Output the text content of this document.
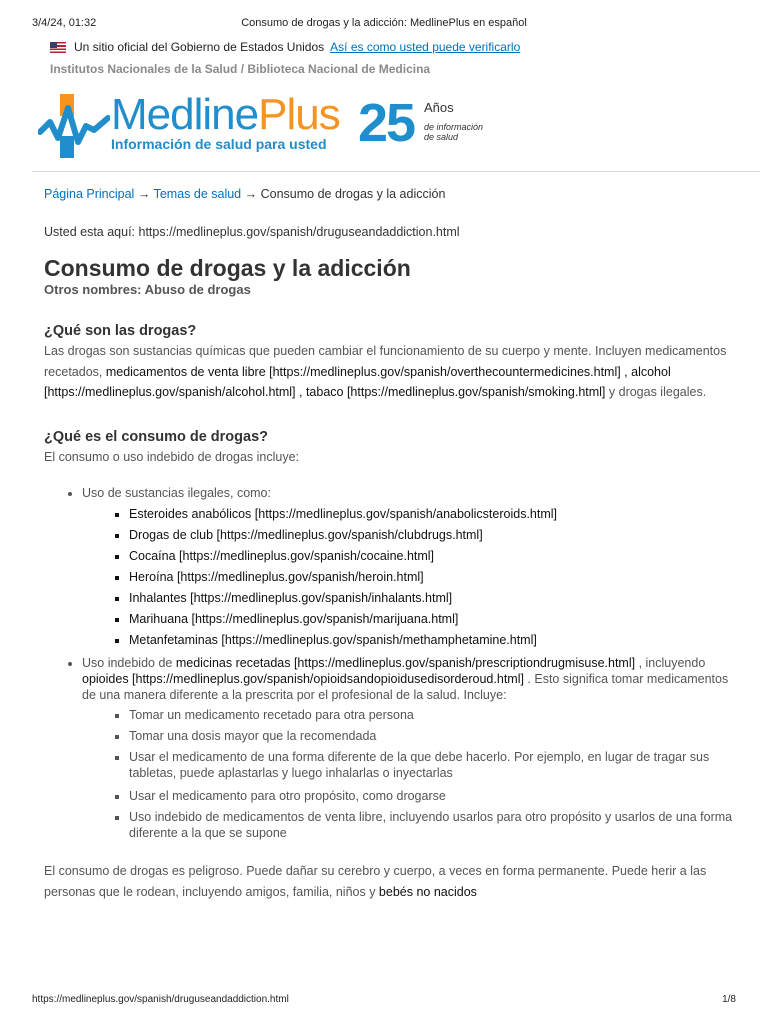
3/4/24, 01:32	Consumo de drogas y la adicción: MedlinePlus en español
Un sitio oficial del Gobierno de Estados Unidos Así es como usted puede verificarlo
Institutos Nacionales de la Salud / Biblioteca Nacional de Medicina
MedlinePlus
Información de salud para usted 25 Años
de información de salud
Página Principal → Temas de salud → Consumo de drogas y la adicción
Usted esta aquí: https://medlineplus.gov/spanish/druguseandaddiction.html
Consumo de drogas y la adicción
Otros nombres: Abuso de drogas
¿Qué son las drogas?

Las drogas son sustancias químicas que pueden cambiar el funcionamiento de su cuerpo y mente. Incluyen medicamentos recetados, medicamentos de venta libre [https://medlineplus.gov/spanish/overthecountermedicines.html] , alcohol [https://medlineplus.gov/spanish/alcohol.html] , tabaco [https://medlineplus.gov/spanish/smoking.html] y drogas ilegales.

¿Qué es el consumo de drogas?

El consumo o uso indebido de drogas incluye:

• Uso de sustancias ilegales, como:
▪ Esteroides anabólicos [https://medlineplus.gov/spanish/anabolicsteroids.html]
▪ Drogas de club [https://medlineplus.gov/spanish/clubdrugs.html]
▪ Cocaína [https://medlineplus.gov/spanish/cocaine.html]
▪ Heroína [https://medlineplus.gov/spanish/heroin.html]
▪ Inhalantes [https://medlineplus.gov/spanish/inhalants.html]
▪ Marihuana [https://medlineplus.gov/spanish/marijuana.html]
▪ Metanfetaminas [https://medlineplus.gov/spanish/methamphetamine.html]
• Uso indebido de medicinas recetadas [https://medlineplus.gov/spanish/prescriptiondrugmisuse.html] , incluyendo opioides [https://medlineplus.gov/spanish/opioidsandopioidusedisorderoud.html] . Esto significa tomar medicamentos de una manera diferente a la prescrita por el profesional de la salud. Incluye:
▪ Tomar un medicamento recetado para otra persona
▪ Tomar una dosis mayor que la recomendada
▪ Usar el medicamento de una forma diferente de la que debe hacerlo. Por ejemplo, en lugar de tragar sus tabletas, puede aplastarlas y luego inhalarlas o inyectarlas
▪ Usar el medicamento para otro propósito, como drogarse
▪ Uso indebido de medicamentos de venta libre, incluyendo usarlos para otro propósito y usarlos de una forma diferente a la que se supone

El consumo de drogas es peligroso. Puede dañar su cerebro y cuerpo, a veces en forma permanente. Puede herir a las personas que le rodean, incluyendo amigos, familia, niños y bebés no nacidos

https://medlineplus.gov/spanish/druguseandaddiction.html	1/8
